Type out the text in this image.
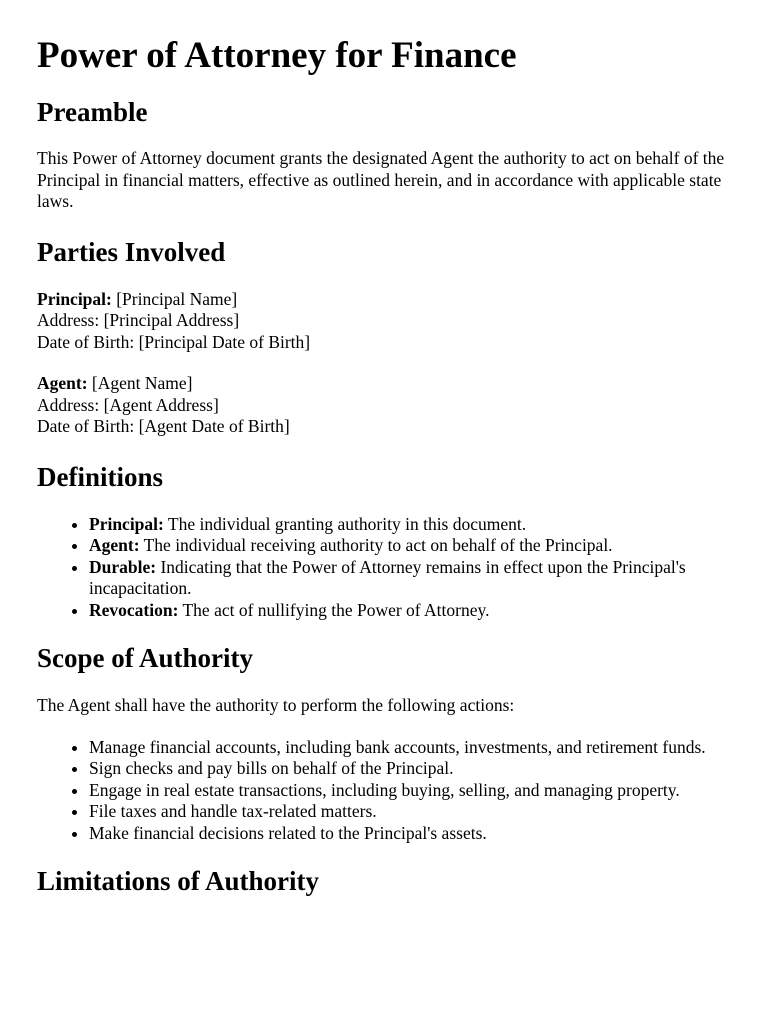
Power of Attorney for Finance
Preamble

This Power of Attorney document grants the designated Agent the authority to act on behalf of the Principal in financial matters, effective as outlined herein, and in accordance with applicable state laws.

Parties Involved
Principal: [Principal Name]
Address: [Principal Address]
Date of Birth: [Principal Date of Birth]
Agent: [Agent Name]
Address: [Agent Address]
Date of Birth: [Agent Date of Birth]
Definitions
• Principal: The individual granting authority in this document.
• Agent: The individual receiving authority to act on behalf of the Principal.
• Durable: Indicating that the Power of Attorney remains in effect upon the Principal's incapacitation.
• Revocation: The act of nullifying the Power of Attorney.
Scope of Authority

The Agent shall have the authority to perform the following actions:

• Manage financial accounts, including bank accounts, investments, and retirement funds.
• Sign checks and pay bills on behalf of the Principal.
• Engage in real estate transactions, including buying, selling, and managing property.
• File taxes and handle tax-related matters.
• Make financial decisions related to the Principal's assets.
Limitations of Authority
